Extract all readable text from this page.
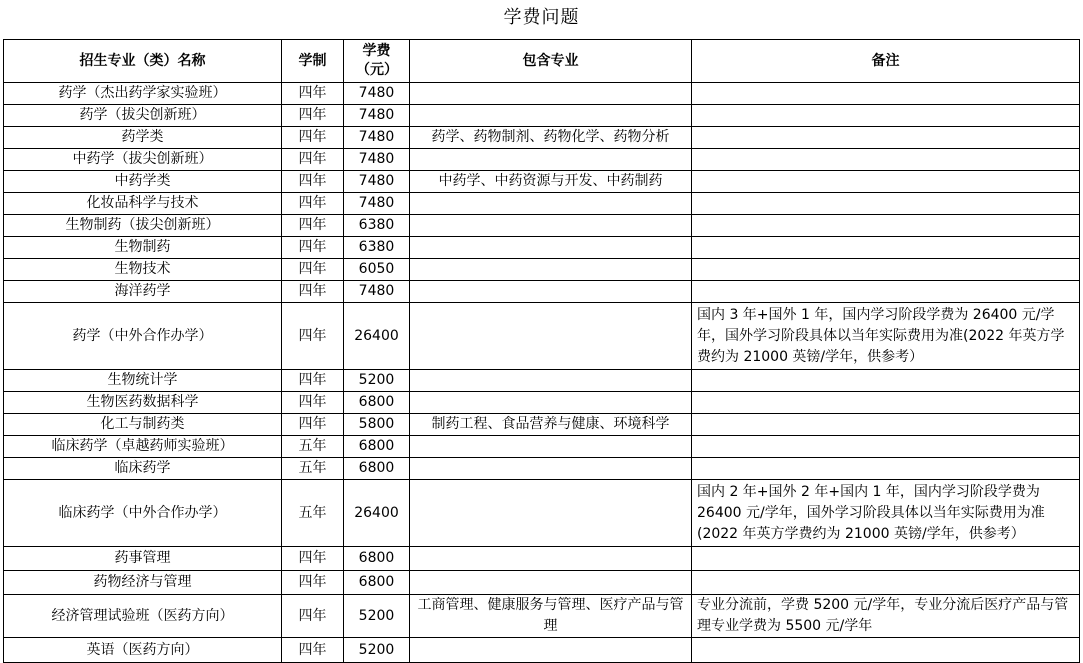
学费问题
招生专业（类）名称	学制	学费（元）	包含专业	备注
药学（杰出药学家实验班）	四年	7480		
药学（拔尖创新班）	四年	7480		
药学类	四年	7480	药学、药物制剂、药物化学、药物分析	
中药学（拔尖创新班）	四年	7480		
中药学类	四年	7480	中药学、中药资源与开发、中药制药	
化妆品科学与技术	四年	7480		
生物制药（拔尖创新班）	四年	6380		
生物制药	四年	6380		
生物技术	四年	6050		
海洋药学	四年	7480		
药学（中外合作办学）	四年	26400		国内 3 年+国外 1 年，国内学习阶段学费为 26400 元/学年，国外学习阶段具体以当年实际费用为准(2022 年英方学费约为 21000 英镑/学年，供参考）
生物统计学	四年	5200		
生物医药数据科学	四年	6800		
化工与制药类	四年	5800	制药工程、食品营养与健康、环境科学	
临床药学（卓越药师实验班）	五年	6800		
临床药学	五年	6800		
临床药学（中外合作办学）	五年	26400		国内 2 年+国外 2 年+国内 1 年，国内学习阶段学费为 26400 元/学年，国外学习阶段具体以当年实际费用为准(2022 年英方学费约为 21000 英镑/学年，供参考）
药事管理	四年	6800		
药物经济与管理	四年	6800		
经济管理试验班（医药方向）	四年	5200	工商管理、健康服务与管理、医疗产品与管理	专业分流前，学费 5200 元/学年，专业分流后医疗产品与管理专业学费为 5500 元/学年
英语（医药方向）	四年	5200		
